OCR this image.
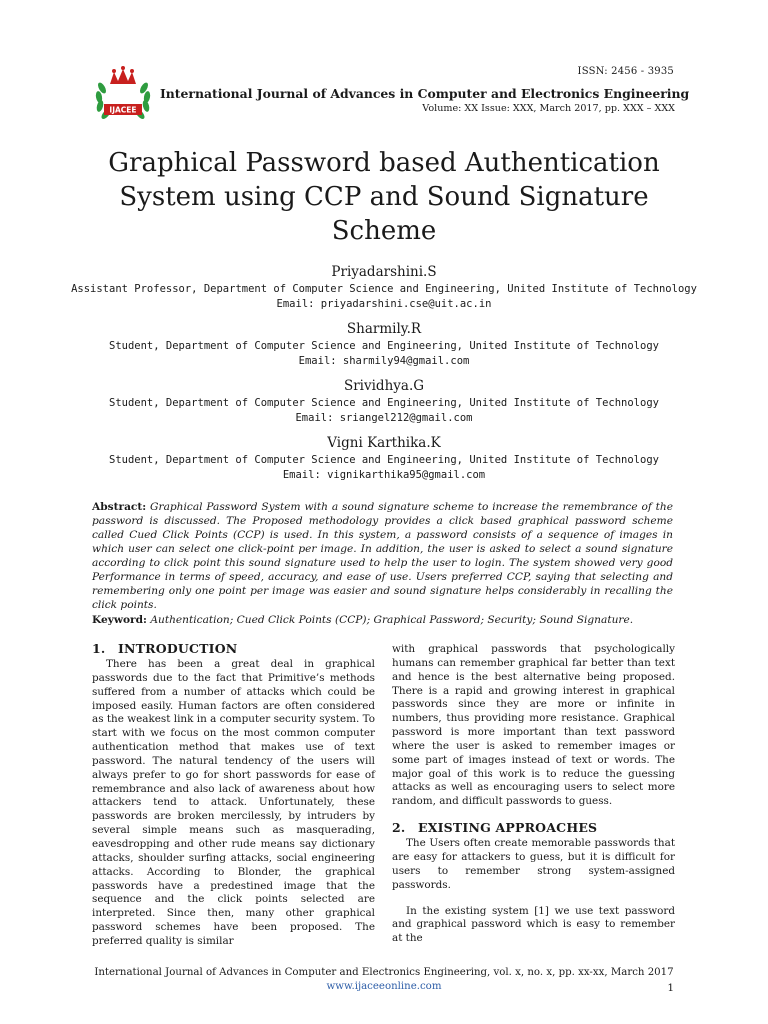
ISSN: 2456 - 3935
IJACEE
International Journal of Advances in Computer and Electronics Engineering
Volume: XX Issue: XXX, March 2017, pp. XXX – XXX
Graphical Password based Authentication System using CCP and Sound Signature Scheme
Priyadarshini.S
Assistant Professor, Department of Computer Science and Engineering, United Institute of Technology
Email: priyadarshini.cse@uit.ac.in
Sharmily.R
Student, Department of Computer Science and Engineering, United Institute of Technology
Email: sharmily94@gmail.com
Srividhya.G
Student, Department of Computer Science and Engineering, United Institute of Technology
Email: sriangel212@gmail.com
Vigni Karthika.K
Student, Department of Computer Science and Engineering, United Institute of Technology
Email: vignikarthika95@gmail.com
Abstract: Graphical Password System with a sound signature scheme to increase the remembrance of the password is discussed. The Proposed methodology provides a click based graphical password scheme called Cued Click Points (CCP) is used. In this system, a password consists of a sequence of images in which user can select one click-point per image. In addition, the user is asked to select a sound signature according to click point this sound signature used to help the user to login. The system showed very good Performance in terms of speed, accuracy, and ease of use. Users preferred CCP, saying that selecting and remembering only one point per image was easier and sound signature helps considerably in recalling the click points.
Keyword: Authentication; Cued Click Points (CCP); Graphical Password; Security; Sound Signature.
1. INTRODUCTION

There has been a great deal in graphical passwords due to the fact that Primitive’s methods suffered from a number of attacks which could be imposed easily. Human factors are often considered as the weakest link in a computer security system. To start with we focus on the most common computer authentication method that makes use of text password. The natural tendency of the users will always prefer to go for short passwords for ease of remembrance and also lack of awareness about how attackers tend to attack. Unfortunately, these passwords are broken mercilessly, by intruders by several simple means such as masquerading, eavesdropping and other rude means say dictionary attacks, shoulder surfing attacks, social engineering attacks. According to Blonder, the graphical passwords have a predestined image that the sequence and the click points selected are interpreted. Since then, many other graphical password schemes have been proposed. The preferred quality is similar

with graphical passwords that psychologically humans can remember graphical far better than text and hence is the best alternative being proposed. There is a rapid and growing interest in graphical passwords since they are more or infinite in numbers, thus providing more resistance. Graphical password is more important than text password where the user is asked to remember images or some part of images instead of text or words. The major goal of this work is to reduce the guessing attacks as well as encouraging users to select more random, and difficult passwords to guess.

2. EXISTING APPROACHES

The Users often create memorable passwords that are easy for attackers to guess, but it is difficult for users to remember strong system-assigned passwords.

In the existing system [1] we use text password and graphical password which is easy to remember at the

International Journal of Advances in Computer and Electronics Engineering, vol. x, no. x, pp. xx-xx, March 2017
www.ijaceeonline.com	1
